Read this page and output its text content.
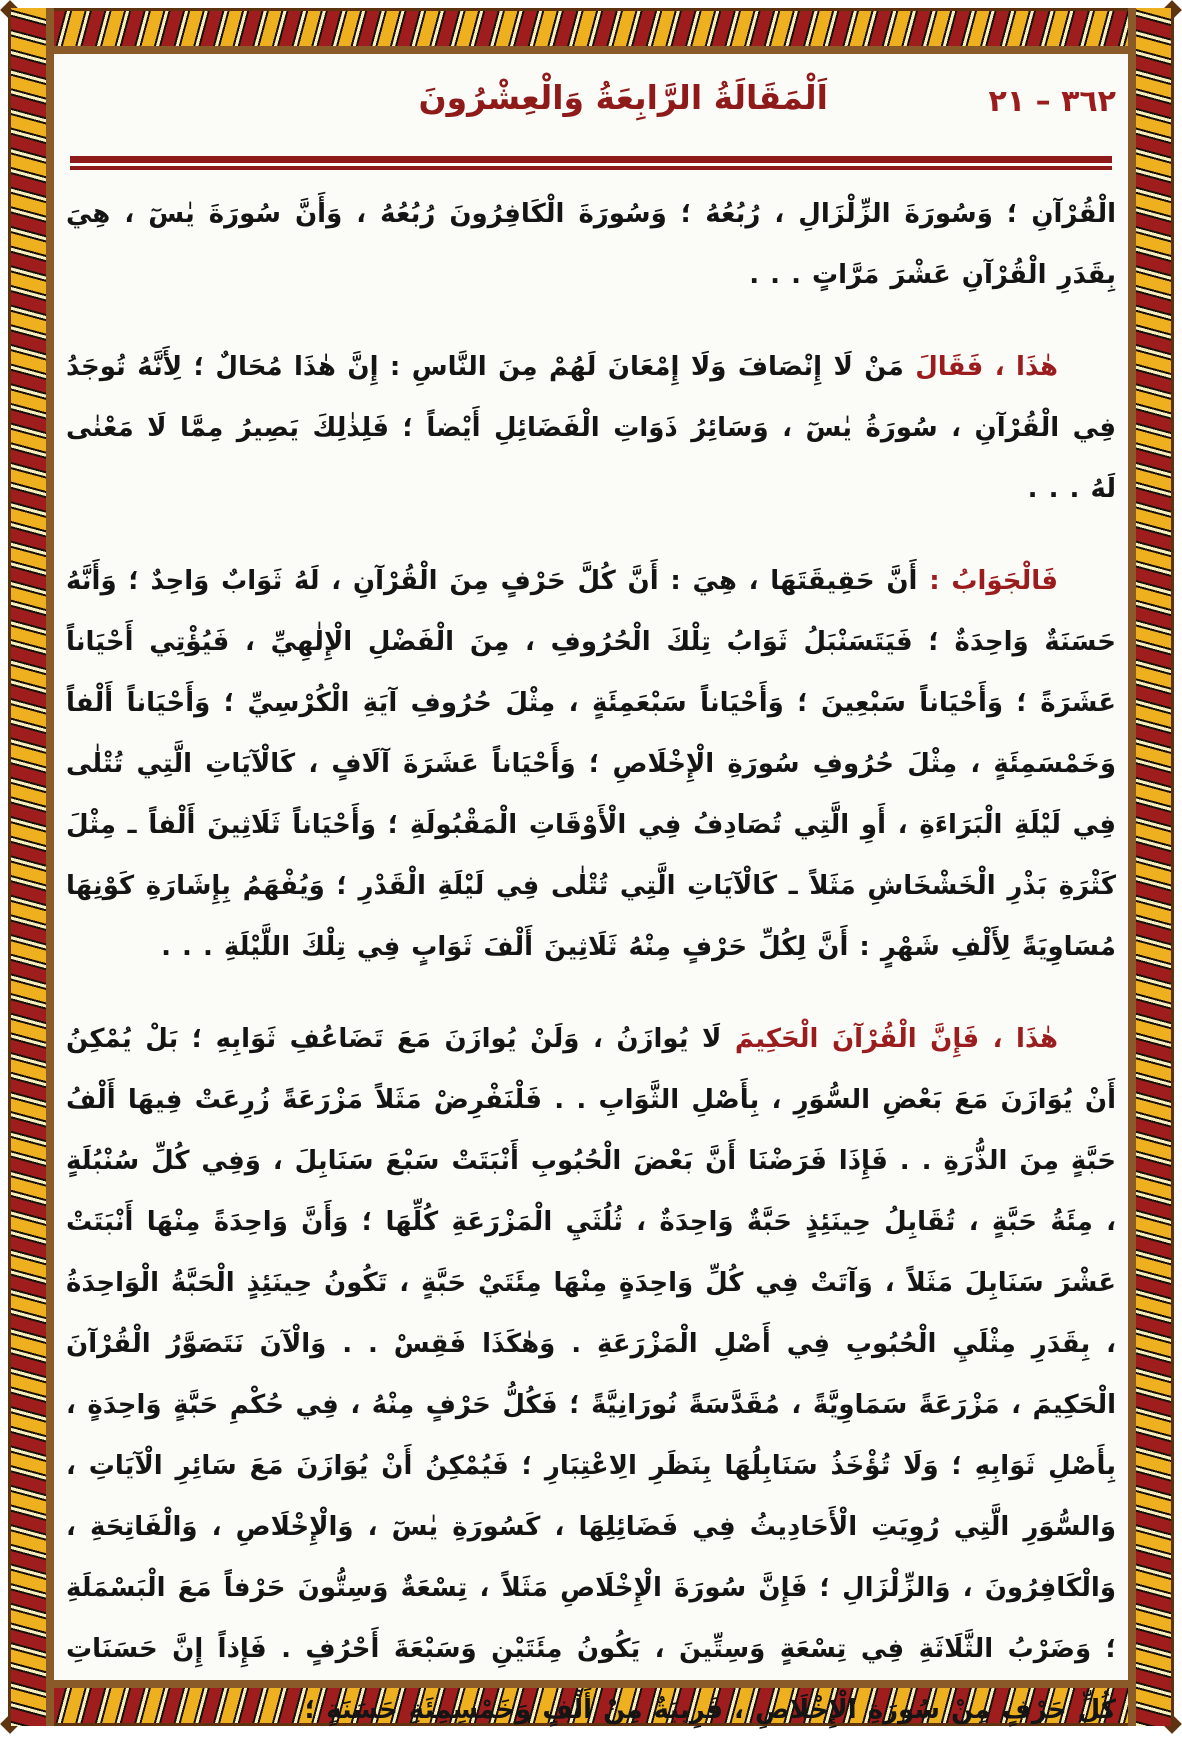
اَلْمَقَالَةُ الرَّابِعَةُ وَالْعِشْرُونَ	٣٦٢ – ٢١

الْقُرْآنِ ؛ وَسُورَةَ الزِّلْزَالِ ، رُبُعُهُ ؛ وَسُورَةَ الْكَافِرُونَ رُبُعُهُ ، وَأَنَّ سُورَةَ يٰسٓ ، هِيَ بِقَدَرِ الْقُرْآنِ عَشْرَ مَرَّاتٍ . . .

هٰذَا ، فَقَالَ مَنْ لَا إِنْصَافَ وَلَا إِمْعَانَ لَهُمْ مِنَ النَّاسِ : إِنَّ هٰذَا مُحَالٌ ؛ لِأَنَّهُ تُوجَدُ فِي الْقُرْآنِ ، سُورَةُ يٰسٓ ، وَسَائِرُ ذَوَاتِ الْفَضَائِلِ أَيْضاً ؛ فَلِذٰلِكَ يَصِيرُ مِمَّا لَا مَعْنٰى لَهُ . . .

فَالْجَوَابُ : أَنَّ حَقِيقَتَهَا ، هِيَ : أَنَّ كُلَّ حَرْفٍ مِنَ الْقُرْآنِ ، لَهُ ثَوَابٌ وَاحِدٌ ؛ وَأَنَّهُ حَسَنَةٌ وَاحِدَةٌ ؛ فَيَتَسَنْبَلُ ثَوَابُ تِلْكَ الْحُرُوفِ ، مِنَ الْفَضْلِ الْإِلٰهِيِّ ، فَيُؤْتِي أَحْيَاناً عَشَرَةً ؛ وَأَحْيَاناً سَبْعِينَ ؛ وَأَحْيَاناً سَبْعَمِئَةٍ ، مِثْلَ حُرُوفِ آيَةِ الْكُرْسِيِّ ؛ وَأَحْيَاناً أَلْفاً وَخَمْسَمِئَةٍ ، مِثْلَ حُرُوفِ سُورَةِ الْإِخْلَاصِ ؛ وَأَحْيَاناً عَشَرَةَ آلَافٍ ، كَالْآيَاتِ الَّتِي تُتْلٰى فِي لَيْلَةِ الْبَرَاءَةِ ، أَوِ الَّتِي تُصَادِفُ فِي الْأَوْقَاتِ الْمَقْبُولَةِ ؛ وَأَحْيَاناً ثَلَاثِينَ أَلْفاً ـ مِثْلَ كَثْرَةِ بَذْرِ الْخَشْخَاشِ مَثَلاً ـ كَالْآيَاتِ الَّتِي تُتْلٰى فِي لَيْلَةِ الْقَدْرِ ؛ وَيُفْهَمُ بِإِشَارَةِ كَوْنِهَا مُسَاوِيَةً لِأَلْفِ شَهْرٍ : أَنَّ لِكُلِّ حَرْفٍ مِنْهُ ثَلَاثِينَ أَلْفَ ثَوَابٍ فِي تِلْكَ اللَّيْلَةِ . . .

هٰذَا ، فَإِنَّ الْقُرْآنَ الْحَكِيمَ لَا يُوازَنُ ، وَلَنْ يُوازَنَ مَعَ تَضَاعُفِ ثَوَابِهِ ؛ بَلْ يُمْكِنُ أَنْ يُوَازَنَ مَعَ بَعْضِ السُّوَرِ ، بِأَصْلِ الثَّوَابِ . . فَلْنَفْرِضْ مَثَلاً مَزْرَعَةً زُرِعَتْ فِيهَا أَلْفُ حَبَّةٍ مِنَ الذُّرَةِ . . فَإِذَا فَرَضْنَا أَنَّ بَعْضَ الْحُبُوبِ أَنْبَتَتْ سَبْعَ سَنَابِلَ ، وَفِي كُلِّ سُنْبُلَةٍ ، مِئَةُ حَبَّةٍ ، تُقَابِلُ حِينَئِذٍ حَبَّةٌ وَاحِدَةٌ ، ثُلُثَيِ الْمَزْرَعَةِ كُلِّهَا ؛ وَأَنَّ وَاحِدَةً مِنْهَا أَنْبَتَتْ عَشْرَ سَنَابِلَ مَثَلاً ، وَآتَتْ فِي كُلِّ وَاحِدَةٍ مِنْهَا مِئَتَيْ حَبَّةٍ ، تَكُونُ حِينَئِذٍ الْحَبَّةُ الْوَاحِدَةُ ، بِقَدَرِ مِثْلَيِ الْحُبُوبِ فِي أَصْلِ الْمَزْرَعَةِ . وَهٰكَذَا فَقِسْ . . وَالْآنَ نَتَصَوَّرُ الْقُرْآنَ الْحَكِيمَ ، مَزْرَعَةً سَمَاوِيَّةً ، مُقَدَّسَةً نُورَانِيَّةً ؛ فَكُلُّ حَرْفٍ مِنْهُ ، فِي حُكْمِ حَبَّةٍ وَاحِدَةٍ ، بِأَصْلِ ثَوَابِهِ ؛ وَلَا تُؤْخَذُ سَنَابِلُهَا بِنَظَرِ الِاعْتِبَارِ ؛ فَيُمْكِنُ أَنْ يُوَازَنَ مَعَ سَائِرِ الْآيَاتِ ، وَالسُّوَرِ الَّتِي رُوِيَتِ الْأَحَادِيثُ فِي فَضَائِلِهَا ، كَسُورَةِ يٰسٓ ، وَالْإِخْلَاصِ ، وَالْفَاتِحَةِ ، وَالْكَافِرُونَ ، وَالزِّلْزَالِ ؛ فَإِنَّ سُورَةَ الْإِخْلَاصِ مَثَلاً ، تِسْعَةٌ وَسِتُّونَ حَرْفاً مَعَ الْبَسْمَلَةِ ؛ وَضَرْبُ الثَّلَاثَةِ فِي تِسْعَةٍ وَسِتِّينَ ، يَكُونُ مِئَتَيْنِ وَسَبْعَةَ أَحْرُفٍ . فَإِذاً إِنَّ حَسَنَاتِ كُلِّ حَرْفٍ مِنْ سُورَةِ الْإِخْلَاصِ ، قَرِيبَةٌ مِنْ أَلْفٍ وَخَمْسِمِئَةِ حَسَنَةٍ ؛
